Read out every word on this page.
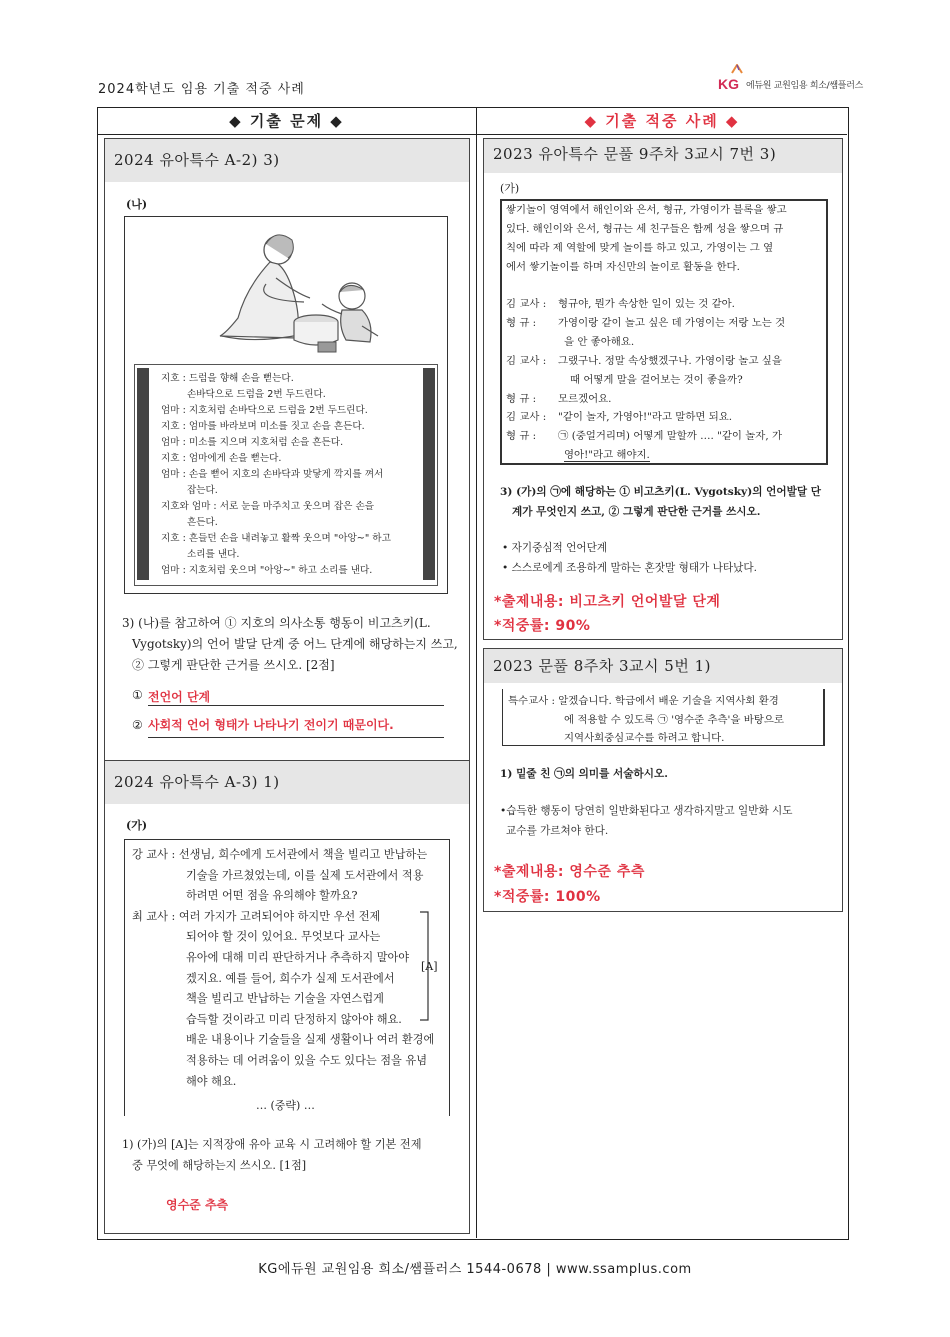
2024학년도 임용 기출 적중 사례	KG 에듀원 교원임용 희소/쌤플러스
◆ 기출 문제 ◆	◆ 기출 적중 사례 ◆
2024 유아특수 A-2) 3)
(나)
지호 : 드럼을 향해 손을 뻗는다.
손바닥으로 드럼을 2번 두드린다.
엄마 : 지호처럼 손바닥으로 드럼을 2번 두드린다.
지호 : 엄마를 바라보며 미소를 짓고 손을 흔든다.
엄마 : 미소를 지으며 지호처럼 손을 흔든다.
지호 : 엄마에게 손을 뻗는다.
엄마 : 손을 뻗어 지호의 손바닥과 맞닿게 깍지를 껴서
잡는다.
지호와 엄마 : 서로 눈을 마주치고 웃으며 잡은 손을
흔든다.
지호 : 흔들던 손을 내려놓고 활짝 웃으며 "아앙~" 하고
소리를 낸다.
엄마 : 지호처럼 웃으며 "아앙~" 하고 소리를 낸다.
3) (나)를 참고하여 ① 지호의 의사소통 행동이 비고츠키(L.
Vygotsky)의 언어 발달 단계 중 어느 단계에 해당하는지 쓰고,
② 그렇게 판단한 근거를 쓰시오. [2점]
① 전언어 단계
② 사회적 언어 형태가 나타나기 전이기 때문이다.
2024 유아특수 A-3) 1)
(가)
강 교사 : 선생님, 희수에게 도서관에서 책을 빌리고 반납하는
기술을 가르쳤었는데, 이를 실제 도서관에서 적용
하려면 어떤 점을 유의해야 할까요?
최 교사 : 여러 가지가 고려되어야 하지만 우선 전제
되어야 할 것이 있어요. 무엇보다 교사는
유아에 대해 미리 판단하거나 추측하지 말아야
겠지요. 예를 들어, 희수가 실제 도서관에서
책을 빌리고 반납하는 기술을 자연스럽게
습득할 것이라고 미리 단정하지 않아야 해요.
배운 내용이나 기술들을 실제 생활이나 여러 환경에
적용하는 데 어려움이 있을 수도 있다는 점을 유념
해야 해요.
[A]
… (중략) …
1) (가)의 [A]는 지적장애 유아 교육 시 고려해야 할 기본 전제
중 무엇에 해당하는지 쓰시오. [1점]
영수준 추측
2023 유아특수 문풀 9주차 3교시 7번 3)
(가)
쌓기놀이 영역에서 해인이와 은서, 형규, 가영이가 블록을 쌓고
있다. 해인이와 은서, 형규는 세 친구들은 함께 성을 쌓으며 규
칙에 따라 제 역할에 맞게 놀이를 하고 있고, 가영이는 그 옆
에서 쌓기놀이를 하며 자신만의 놀이로 활동을 한다.
김 교사 : 형규야, 뭔가 속상한 일이 있는 것 같아.
형 규 : 가영이랑 같이 놀고 싶은 데 가영이는 저랑 노는 것
을 안 좋아해요.
김 교사 : 그랬구나. 정말 속상했겠구나. 가영이랑 놀고 싶을
때 어떻게 말을 걸어보는 것이 좋을까?
형 규 : 모르겠어요.
김 교사 : "같이 놀자, 가영아!"라고 말하면 되요.
형 규 : ㉠ (중얼거리며) 어떻게 말할까 …. "같이 놀자, 가
영아!"라고 해야지.
3) (가)의 ㉠에 해당하는 ① 비고츠키(L. Vygotsky)의 언어발달 단
계가 무엇인지 쓰고, ② 그렇게 판단한 근거를 쓰시오.
• 자기중심적 언어단계
• 스스로에게 조용하게 말하는 혼잣말 형태가 나타났다.
*출제내용: 비고츠키 언어발달 단계
*적중률: 90%
2023 문풀 8주차 3교시 5번 1)
특수교사 : 알겠습니다. 학급에서 배운 기술을 지역사회 환경
에 적용할 수 있도록 ㉠ '영수준 추측'을 바탕으로
지역사회중심교수를 하려고 합니다.
1) 밑줄 친 ㉠의 의미를 서술하시오.
•습득한 행동이 당연히 일반화된다고 생각하지말고 일반화 시도
교수를 가르쳐야 한다.
*출제내용: 영수준 추측
*적중률: 100%
KG에듀원 교원임용 희소/쌤플러스 1544-0678 | www.ssamplus.com
